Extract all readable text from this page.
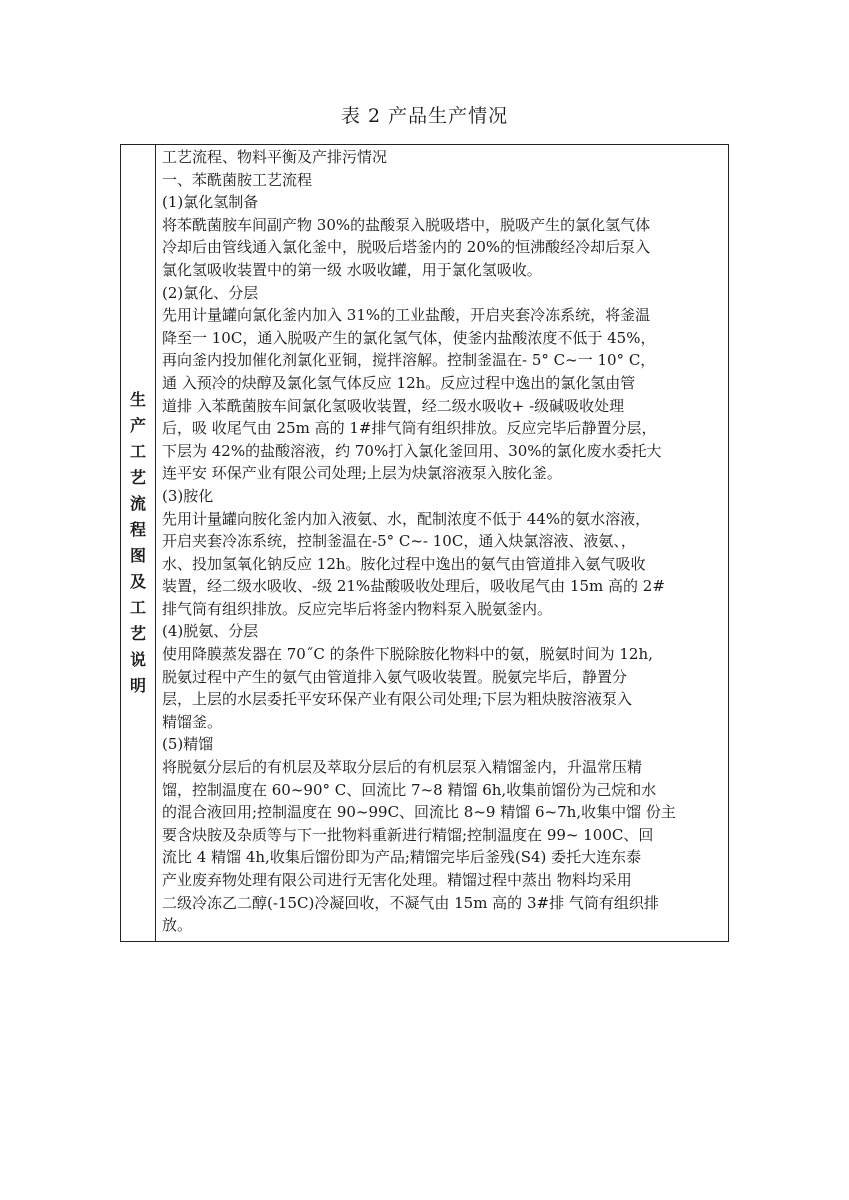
表 2 产品生产情况
生产工艺流程图及工艺说明

工艺流程、物料平衡及产排污情况
一、苯酰菌胺工艺流程
(1)氯化氢制备
将苯酰菌胺车间副产物 30%的盐酸泵入脱吸塔中，脱吸产生的氯化氢气体
冷却后由管线通入氯化釜中，脱吸后塔釜内的 20%的恒沸酸经冷却后泵入
氯化氢吸收装置中的第一级 水吸收罐，用于氯化氢吸收。
(2)氯化、分层
先用计量罐向氯化釜内加入 31%的工业盐酸，开启夹套冷冻系统，将釜温
降至一 10C，通入脱吸产生的氯化氢气体，使釜内盐酸浓度不低于 45%，
再向釜内投加催化剂氯化亚铜，搅拌溶解。控制釜温在- 5° C~一 10° C，
通 入预冷的炔醇及氯化氢气体反应 12h。反应过程中逸出的氯化氢由管
道排 入苯酰菌胺车间氯化氢吸收装置，经二级水吸收+ -级碱吸收处理
后，吸 收尾气由 25m 高的 1#排气筒有组织排放。反应完毕后静置分层，
下层为 42%的盐酸溶液，约 70%打入氯化釜回用、30%的氯化废水委托大
连平安 环保产业有限公司处理;上层为炔氯溶液泵入胺化釜。
(3)胺化
先用计量罐向胺化釜内加入液氨、水，配制浓度不低于 44%的氨水溶液，
开启夹套冷冻系统，控制釜温在-5° C~- 10C，通入炔氯溶液、液氨、，
水、投加氢氧化钠反应 12h。胺化过程中逸出的氨气由管道排入氨气吸收
装置，经二级水吸收、-级 21%盐酸吸收处理后，吸收尾气由 15m 高的 2#
排气筒有组织排放。反应完毕后将釜内物料泵入脱氨釜内。
(4)脱氨、分层
使用降膜蒸发器在 70˝C 的条件下脱除胺化物料中的氨，脱氨时间为 12h,
脱氨过程中产生的氨气由管道排入氨气吸收装置。脱氨完毕后，静置分
层，上层的水层委托平安环保产业有限公司处理;下层为粗炔胺溶液泵入
精馏釜。
(5)精馏
将脱氨分层后的有机层及萃取分层后的有机层泵入精馏釜内，升温常压精
馏，控制温度在 60~90° C、回流比 7~8 精馏 6h,收集前馏份为己烷和水
的混合液回用;控制温度在 90~99C、回流比 8~9 精馏 6~7h,收集中馏 份主
要含炔胺及杂质等与下一批物料重新进行精馏;控制温度在 99~ 100C、回
流比 4 精馏 4h,收集后馏份即为产品;精馏完毕后釜残(S4) 委托大连东泰
产业废弃物处理有限公司进行无害化处理。精馏过程中蒸出 物料均采用
二级冷冻乙二醇(-15C)冷凝回收，不凝气由 15m 高的 3#排 气筒有组织排
放。
